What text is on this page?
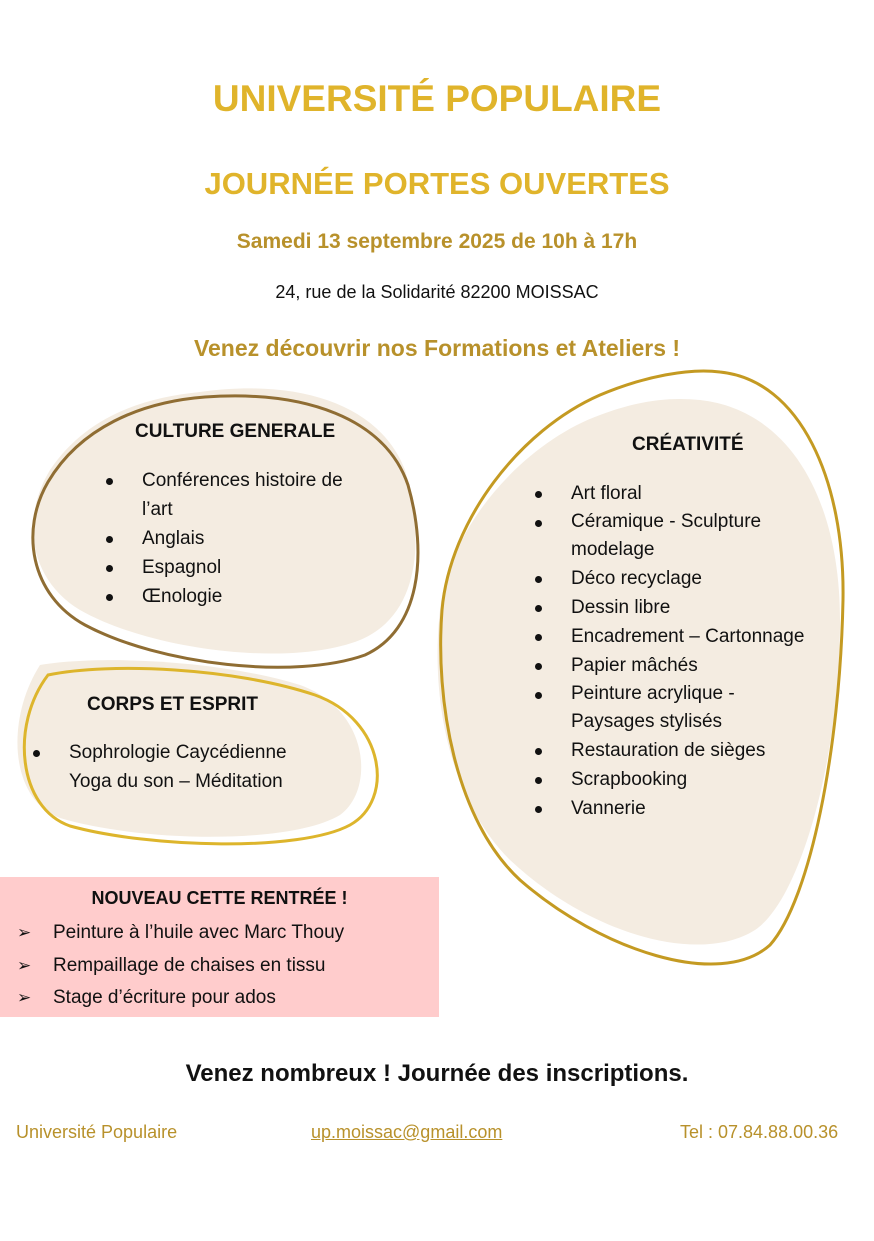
UNIVERSITÉ POPULAIRE
JOURNÉE PORTES OUVERTES
Samedi 13 septembre 2025 de 10h à 17h
24, rue de la Solidarité 82200 MOISSAC
Venez découvrir nos Formations et Ateliers !
CULTURE GENERALE
Conférences histoire de
l’art
Anglais
Espagnol
Œnologie
CORPS ET ESPRIT
Sophrologie Caycédienne
Yoga du son – Méditation
CRÉATIVITÉ
Art floral
Céramique - Sculpture
modelage
Déco recyclage
Dessin libre
Encadrement – Cartonnage
Papier mâchés
Peinture acrylique -
Paysages stylisés
Restauration de sièges
Scrapbooking
Vannerie
NOUVEAU CETTE RENTRÉE !
➢ Peinture à l’huile avec Marc Thouy
➢ Rempaillage de chaises en tissu
➢ Stage d’écriture pour ados
Venez nombreux ! Journée des inscriptions.
Université Populaire	up.moissac@gmail.com	Tel : 07.84.88.00.36
